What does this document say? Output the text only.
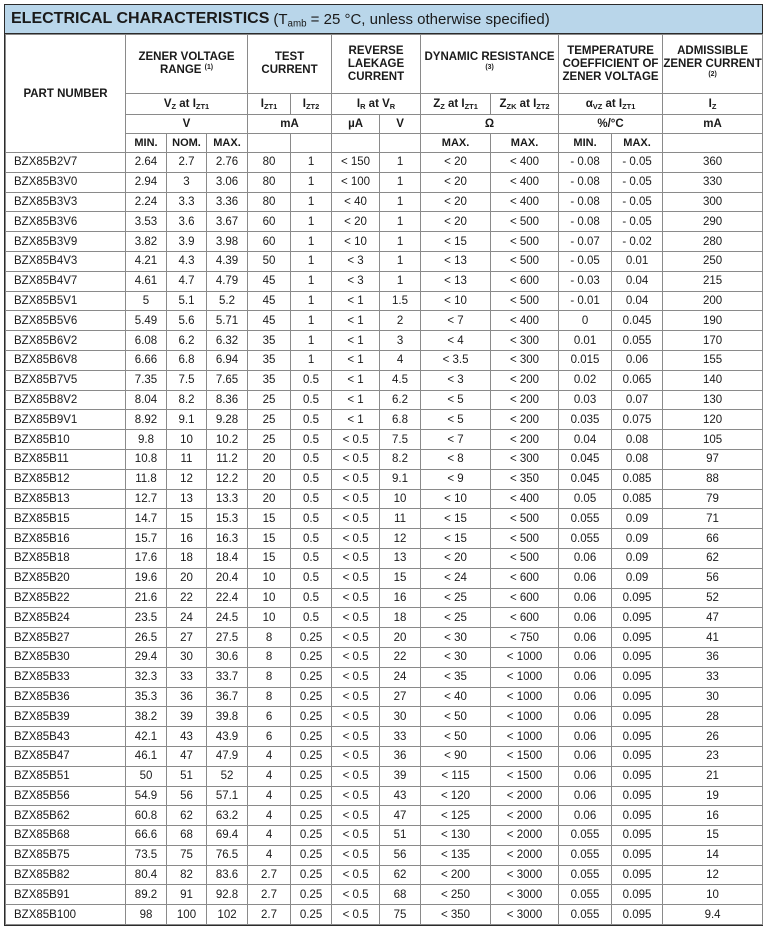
ELECTRICAL CHARACTERISTICS ($T_{amb} = 25$ °C, unless otherwise specified)
PART NUMBER	ZENER VOLTAGE RANGE $^{(1)}$			TEST CURRENT		REVERSE LAEKAGE CURRENT		DYNAMIC RESISTANCE $^{(3)}$		TEMPERATURE COEFFICIENT OF ZENER VOLTAGE		ADMISSIBLE ZENER CURRENT $^{(2)}$
	$V_Z$ at $I_{ZT1}$			$I_{ZT1}$	$I_{ZT2}$	$I_R$ at $V_R$		$Z_Z$ at $I_{ZT1}$	$Z_{ZK}$ at $I_{ZT2}$	$\alpha_{VZ}$ at $I_{ZT1}$		$I_Z$
	V			mA		µA	V	Ω		%/°C		mA
	MIN.	NOM.	MAX.					MAX.	MAX.	MIN.	MAX.	
BZX85B2V7	2.64	2.7	2.76	80	1	< 150	1	< 20	< 400	- 0.08	- 0.05	360
BZX85B3V0	2.94	3	3.06	80	1	< 100	1	< 20	< 400	- 0.08	- 0.05	330
BZX85B3V3	2.24	3.3	3.36	80	1	< 40	1	< 20	< 400	- 0.08	- 0.05	300
BZX85B3V6	3.53	3.6	3.67	60	1	< 20	1	< 20	< 500	- 0.08	- 0.05	290
BZX85B3V9	3.82	3.9	3.98	60	1	< 10	1	< 15	< 500	- 0.07	- 0.02	280
BZX85B4V3	4.21	4.3	4.39	50	1	< 3	1	< 13	< 500	- 0.05	0.01	250
BZX85B4V7	4.61	4.7	4.79	45	1	< 3	1	< 13	< 600	- 0.03	0.04	215
BZX85B5V1	5	5.1	5.2	45	1	< 1	1.5	< 10	< 500	- 0.01	0.04	200
BZX85B5V6	5.49	5.6	5.71	45	1	< 1	2	< 7	< 400	0	0.045	190
BZX85B6V2	6.08	6.2	6.32	35	1	< 1	3	< 4	< 300	0.01	0.055	170
BZX85B6V8	6.66	6.8	6.94	35	1	< 1	4	< 3.5	< 300	0.015	0.06	155
BZX85B7V5	7.35	7.5	7.65	35	0.5	< 1	4.5	< 3	< 200	0.02	0.065	140
BZX85B8V2	8.04	8.2	8.36	25	0.5	< 1	6.2	< 5	< 200	0.03	0.07	130
BZX85B9V1	8.92	9.1	9.28	25	0.5	< 1	6.8	< 5	< 200	0.035	0.075	120
BZX85B10	9.8	10	10.2	25	0.5	< 0.5	7.5	< 7	< 200	0.04	0.08	105
BZX85B11	10.8	11	11.2	20	0.5	< 0.5	8.2	< 8	< 300	0.045	0.08	97
BZX85B12	11.8	12	12.2	20	0.5	< 0.5	9.1	< 9	< 350	0.045	0.085	88
BZX85B13	12.7	13	13.3	20	0.5	< 0.5	10	< 10	< 400	0.05	0.085	79
BZX85B15	14.7	15	15.3	15	0.5	< 0.5	11	< 15	< 500	0.055	0.09	71
BZX85B16	15.7	16	16.3	15	0.5	< 0.5	12	< 15	< 500	0.055	0.09	66
BZX85B18	17.6	18	18.4	15	0.5	< 0.5	13	< 20	< 500	0.06	0.09	62
BZX85B20	19.6	20	20.4	10	0.5	< 0.5	15	< 24	< 600	0.06	0.09	56
BZX85B22	21.6	22	22.4	10	0.5	< 0.5	16	< 25	< 600	0.06	0.095	52
BZX85B24	23.5	24	24.5	10	0.5	< 0.5	18	< 25	< 600	0.06	0.095	47
BZX85B27	26.5	27	27.5	8	0.25	< 0.5	20	< 30	< 750	0.06	0.095	41
BZX85B30	29.4	30	30.6	8	0.25	< 0.5	22	< 30	< 1000	0.06	0.095	36
BZX85B33	32.3	33	33.7	8	0.25	< 0.5	24	< 35	< 1000	0.06	0.095	33
BZX85B36	35.3	36	36.7	8	0.25	< 0.5	27	< 40	< 1000	0.06	0.095	30
BZX85B39	38.2	39	39.8	6	0.25	< 0.5	30	< 50	< 1000	0.06	0.095	28
BZX85B43	42.1	43	43.9	6	0.25	< 0.5	33	< 50	< 1000	0.06	0.095	26
BZX85B47	46.1	47	47.9	4	0.25	< 0.5	36	< 90	< 1500	0.06	0.095	23
BZX85B51	50	51	52	4	0.25	< 0.5	39	< 115	< 1500	0.06	0.095	21
BZX85B56	54.9	56	57.1	4	0.25	< 0.5	43	< 120	< 2000	0.06	0.095	19
BZX85B62	60.8	62	63.2	4	0.25	< 0.5	47	< 125	< 2000	0.06	0.095	16
BZX85B68	66.6	68	69.4	4	0.25	< 0.5	51	< 130	< 2000	0.055	0.095	15
BZX85B75	73.5	75	76.5	4	0.25	< 0.5	56	< 135	< 2000	0.055	0.095	14
BZX85B82	80.4	82	83.6	2.7	0.25	< 0.5	62	< 200	< 3000	0.055	0.095	12
BZX85B91	89.2	91	92.8	2.7	0.25	< 0.5	68	< 250	< 3000	0.055	0.095	10
BZX85B100	98	100	102	2.7	0.25	< 0.5	75	< 350	< 3000	0.055	0.095	9.4
